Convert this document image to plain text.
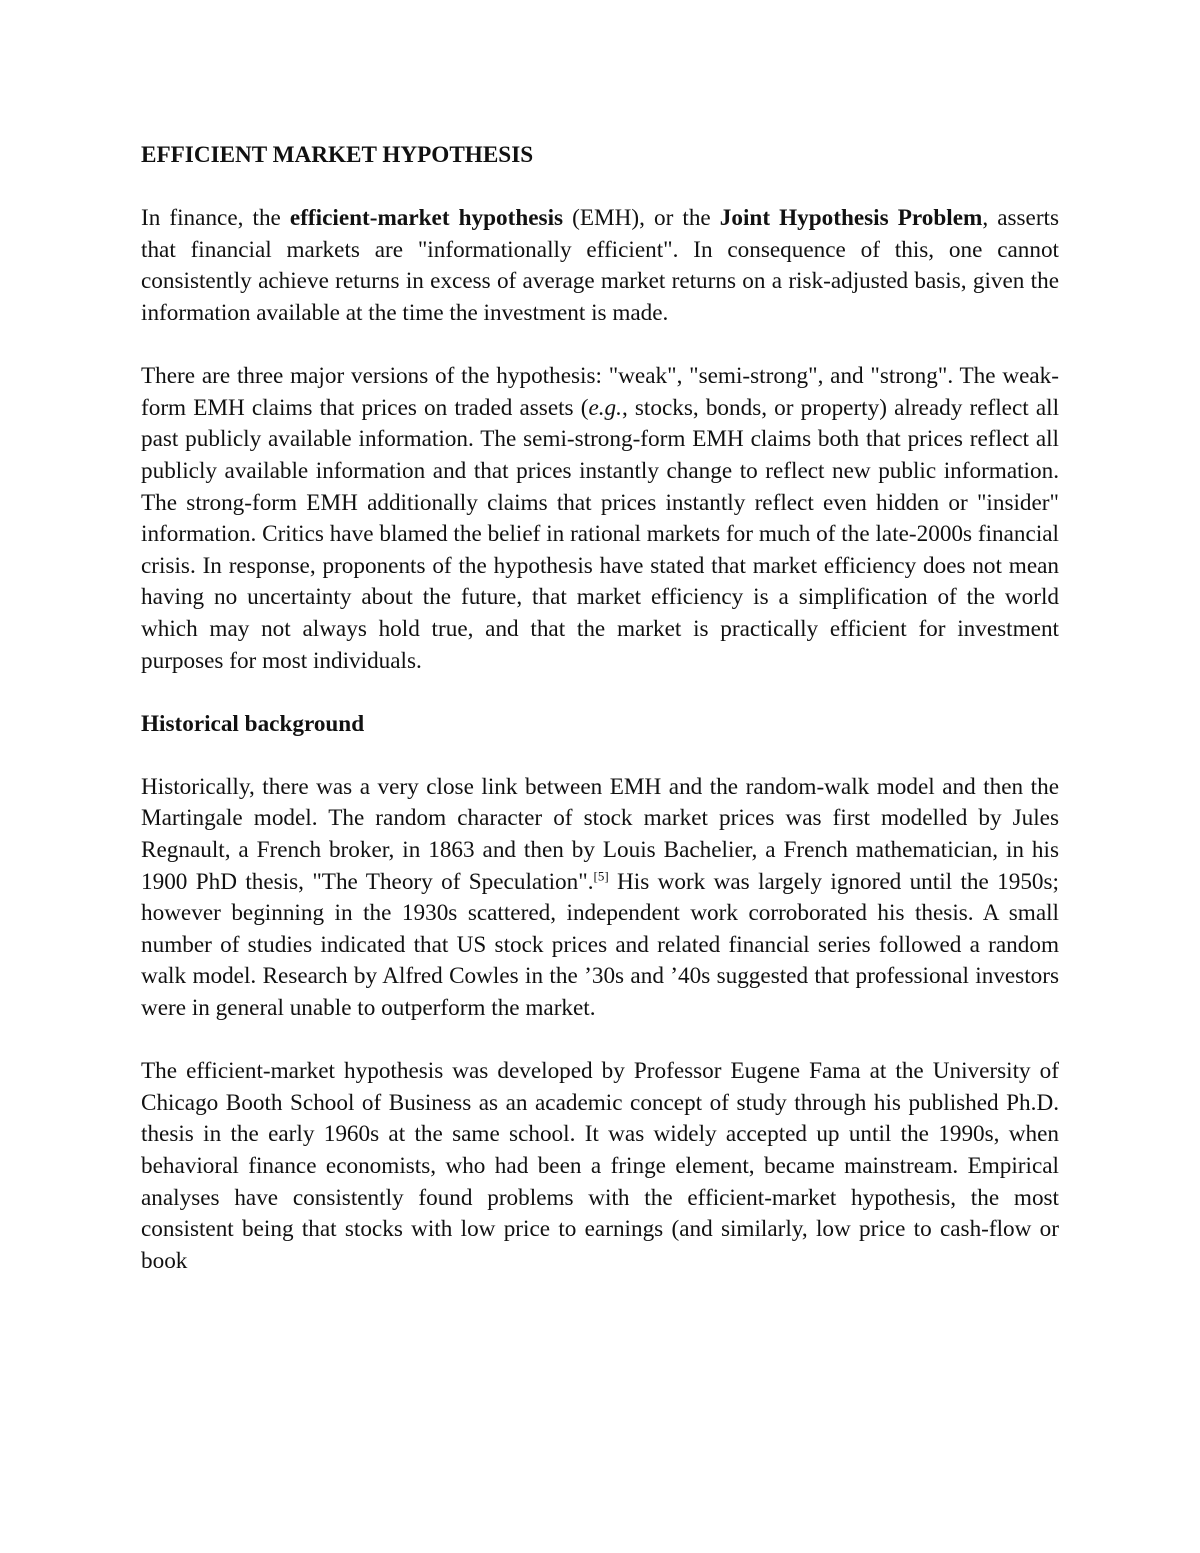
EFFICIENT MARKET HYPOTHESIS

In finance, the efficient-market hypothesis (EMH), or the Joint Hypothesis Problem, asserts that financial markets are "informationally efficient". In consequence of this, one cannot consistently achieve returns in excess of average market returns on a risk-adjusted basis, given the information available at the time the investment is made.

There are three major versions of the hypothesis: "weak", "semi-strong", and "strong". The weak-form EMH claims that prices on traded assets (e.g., stocks, bonds, or property) already reflect all past publicly available information. The semi-strong-form EMH claims both that prices reflect all publicly available information and that prices instantly change to reflect new public information. The strong-form EMH additionally claims that prices instantly reflect even hidden or "insider" information. Critics have blamed the belief in rational markets for much of the late-2000s financial crisis. In response, proponents of the hypothesis have stated that market efficiency does not mean having no uncertainty about the future, that market efficiency is a simplification of the world which may not always hold true, and that the market is practically efficient for investment purposes for most individuals.

Historical background

Historically, there was a very close link between EMH and the random-walk model and then the Martingale model. The random character of stock market prices was first modelled by Jules Regnault, a French broker, in 1863 and then by Louis Bachelier, a French mathematician, in his 1900 PhD thesis, "The Theory of Speculation".[5] His work was largely ignored until the 1950s; however beginning in the 1930s scattered, independent work corroborated his thesis. A small number of studies indicated that US stock prices and related financial series followed a random walk model. Research by Alfred Cowles in the ’30s and ’40s suggested that professional investors were in general unable to outperform the market.

The efficient-market hypothesis was developed by Professor Eugene Fama at the University of Chicago Booth School of Business as an academic concept of study through his published Ph.D. thesis in the early 1960s at the same school. It was widely accepted up until the 1990s, when behavioral finance economists, who had been a fringe element, became mainstream. Empirical analyses have consistently found problems with the efficient-market hypothesis, the most consistent being that stocks with low price to earnings (and similarly, low price to cash-flow or book
